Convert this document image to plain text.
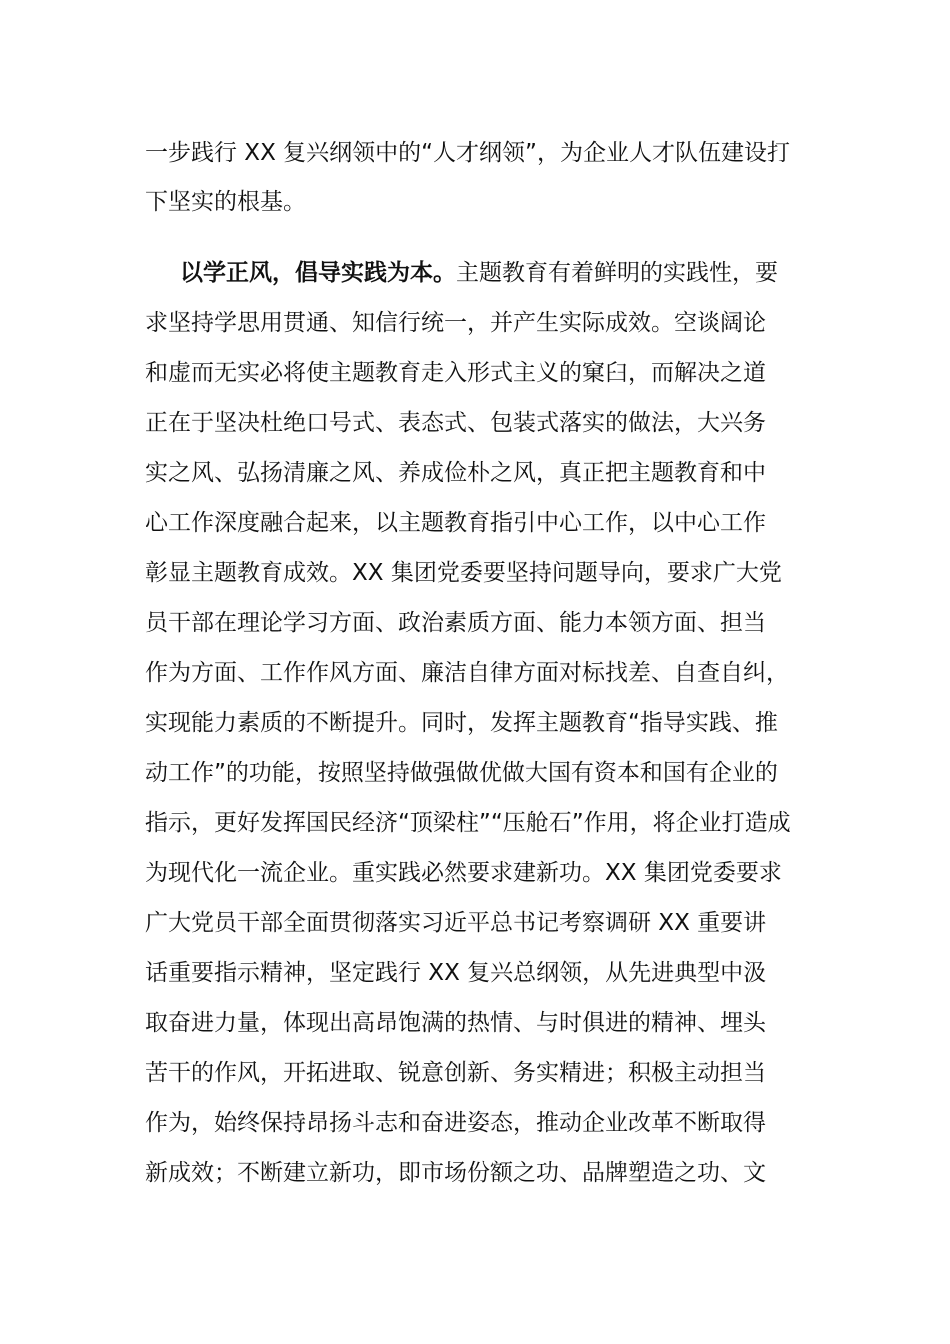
一步践行 XX 复兴纲领中的“人才纲领”，为企业人才队伍建设打
下坚实的根基。
以学正风，倡导实践为本。主题教育有着鲜明的实践性，要
求坚持学思用贯通、知信行统一，并产生实际成效。空谈阔论
和虚而无实必将使主题教育走入形式主义的窠臼，而解决之道
正在于坚决杜绝口号式、表态式、包装式落实的做法，大兴务
实之风、弘扬清廉之风、养成俭朴之风，真正把主题教育和中
心工作深度融合起来，以主题教育指引中心工作，以中心工作
彰显主题教育成效。XX 集团党委要坚持问题导向，要求广大党
员干部在理论学习方面、政治素质方面、能力本领方面、担当
作为方面、工作作风方面、廉洁自律方面对标找差、自查自纠，
实现能力素质的不断提升。同时，发挥主题教育“指导实践、推
动工作”的功能，按照坚持做强做优做大国有资本和国有企业的
指示，更好发挥国民经济“顶梁柱”“压舱石”作用，将企业打造成
为现代化一流企业。重实践必然要求建新功。XX 集团党委要求
广大党员干部全面贯彻落实习近平总书记考察调研 XX 重要讲
话重要指示精神，坚定践行 XX 复兴总纲领，从先进典型中汲
取奋进力量，体现出高昂饱满的热情、与时俱进的精神、埋头
苦干的作风，开拓进取、锐意创新、务实精进；积极主动担当
作为，始终保持昂扬斗志和奋进姿态，推动企业改革不断取得
新成效；不断建立新功，即市场份额之功、品牌塑造之功、文
